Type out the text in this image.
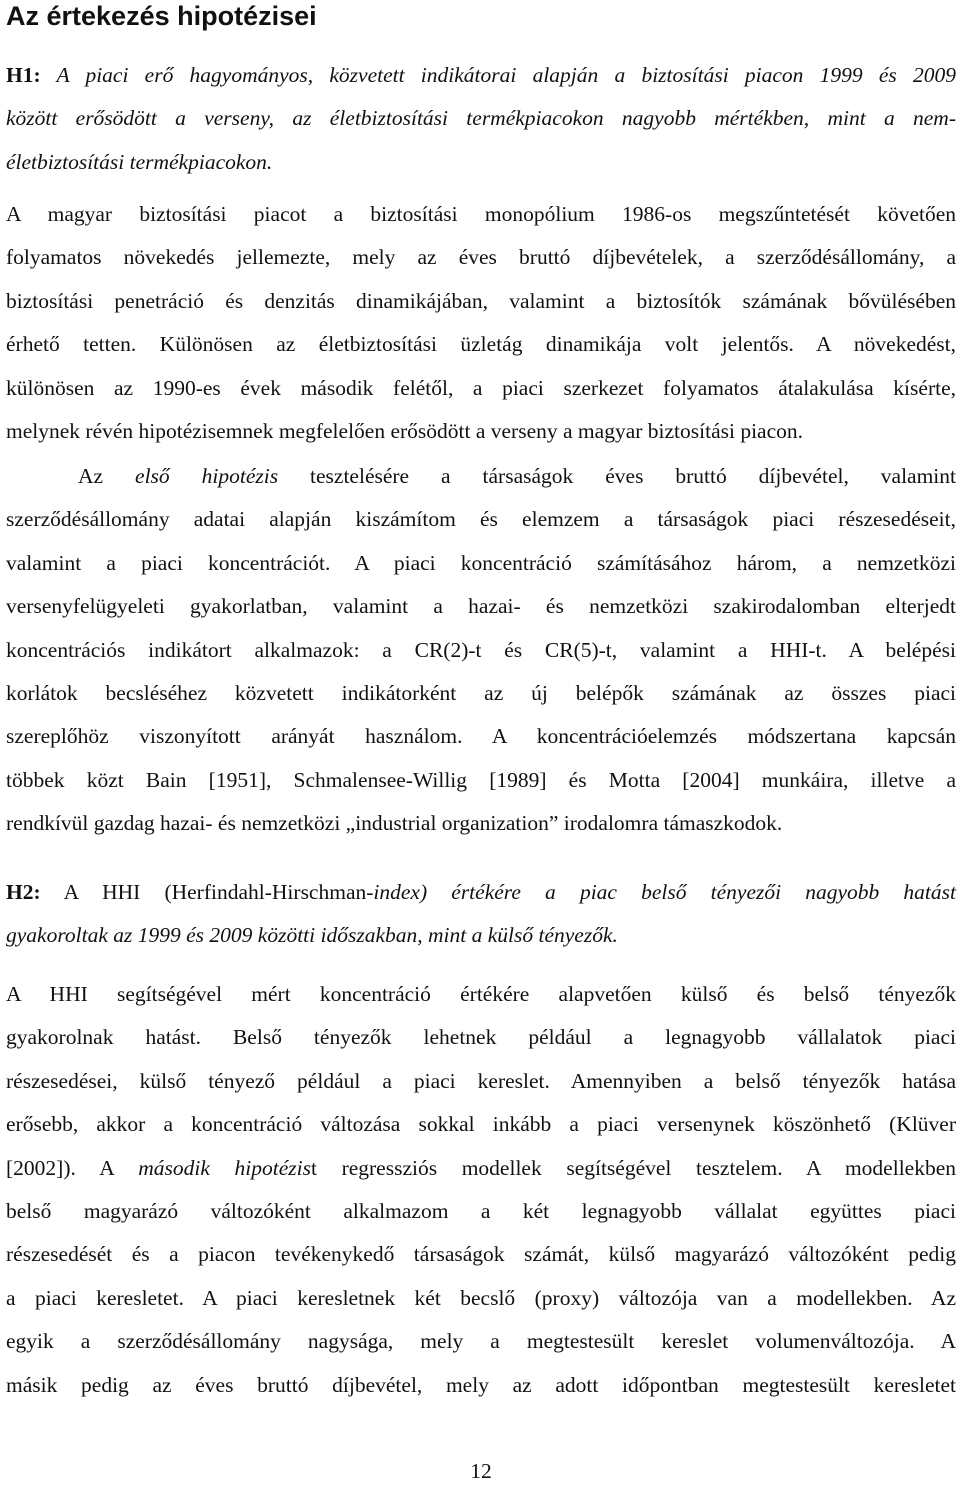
Az értekezés hipotézisei
H1: A piaci erő hagyományos, közvetett indikátorai alapján a biztosítási piacon 1999 és 2009
között erősödött a verseny, az életbiztosítási termékpiacokon nagyobb mértékben, mint a nem-
életbiztosítási termékpiacokon.
A magyar biztosítási piacot a biztosítási monopólium 1986-os megszűntetését követően
folyamatos növekedés jellemezte, mely az éves bruttó díjbevételek, a szerződésállomány, a
biztosítási penetráció és denzitás dinamikájában, valamint a biztosítók számának bővülésében
érhető tetten. Különösen az életbiztosítási üzletág dinamikája volt jelentős. A növekedést,
különösen az 1990-es évek második felétől, a piaci szerkezet folyamatos átalakulása kísérte,
melynek révén hipotézisemnek megfelelően erősödött a verseny a magyar biztosítási piacon.
Az első hipotézis tesztelésére a társaságok éves bruttó díjbevétel, valamint
szerződésállomány adatai alapján kiszámítom és elemzem a társaságok piaci részesedéseit,
valamint a piaci koncentrációt. A piaci koncentráció számításához három, a nemzetközi
versenyfelügyeleti gyakorlatban, valamint a hazai- és nemzetközi szakirodalomban elterjedt
koncentrációs indikátort alkalmazok: a CR(2)-t és CR(5)-t, valamint a HHI-t. A belépési
korlátok becsléséhez közvetett indikátorként az új belépők számának az összes piaci
szereplőhöz viszonyított arányát használom. A koncentrációelemzés módszertana kapcsán
többek közt Bain [1951], Schmalensee-Willig [1989] és Motta [2004] munkáira, illetve a
rendkívül gazdag hazai- és nemzetközi „industrial organization” irodalomra támaszkodok.
H2: A HHI (Herfindahl-Hirschman-index) értékére a piac belső tényezői nagyobb hatást
gyakoroltak az 1999 és 2009 közötti időszakban, mint a külső tényezők.
A HHI segítségével mért koncentráció értékére alapvetően külső és belső tényezők
gyakorolnak hatást. Belső tényezők lehetnek például a legnagyobb vállalatok piaci
részesedései, külső tényező például a piaci kereslet. Amennyiben a belső tényezők hatása
erősebb, akkor a koncentráció változása sokkal inkább a piaci versenynek köszönhető (Klüver
[2002]). A második hipotézist regressziós modellek segítségével tesztelem. A modellekben
belső magyarázó változóként alkalmazom a két legnagyobb vállalat együttes piaci
részesedését és a piacon tevékenykedő társaságok számát, külső magyarázó változóként pedig
a piaci keresletet. A piaci keresletnek két becslő (proxy) változója van a modellekben. Az
egyik a szerződésállomány nagysága, mely a megtestesült kereslet volumenváltozója. A
másik pedig az éves bruttó díjbevétel, mely az adott időpontban megtestesült keresletet
12
